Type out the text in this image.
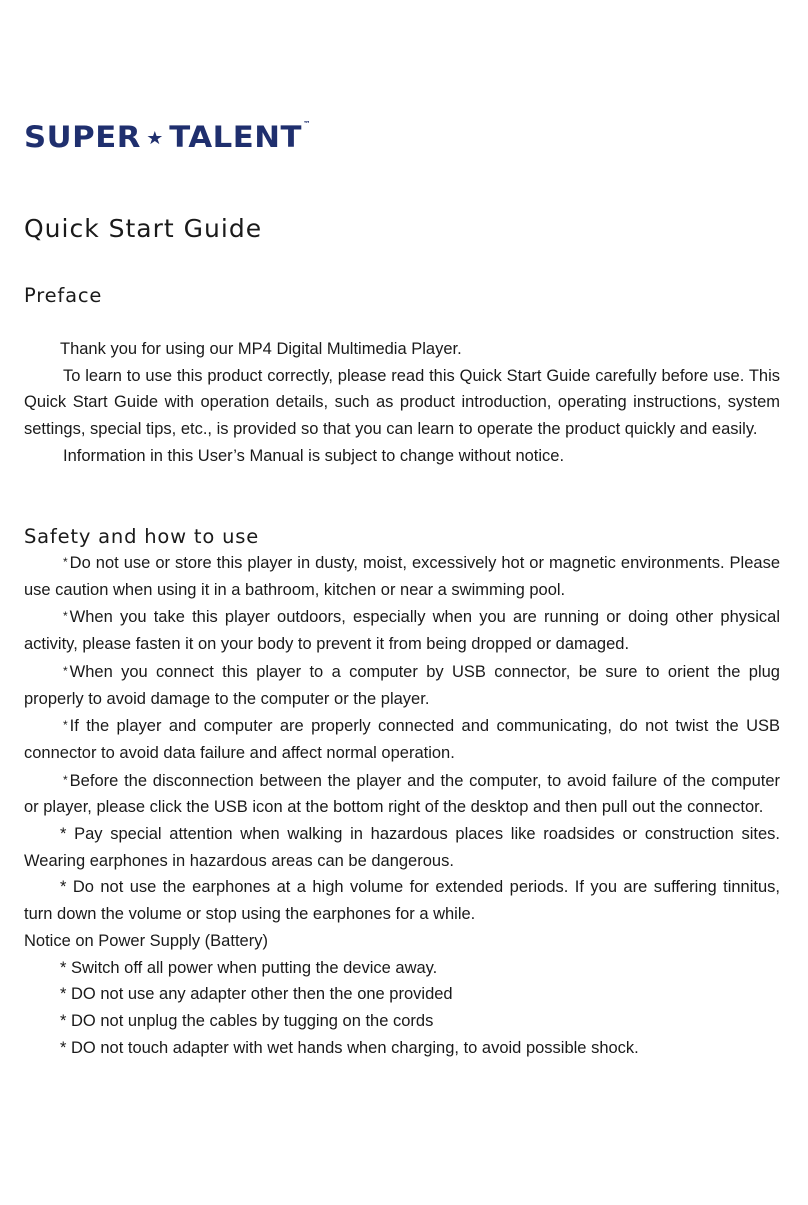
SUPER ★ TALENT ™
Quick Start Guide
Preface

Thank you for using our MP4 Digital Multimedia Player.

To learn to use this product correctly, please read this Quick Start Guide carefully before use. This Quick Start Guide with operation details, such as product introduction, operating instructions, system settings, special tips, etc., is provided so that you can learn to operate the product quickly and easily.

Information in this User’s Manual is subject to change without notice.

Safety and how to use

* Do not use or store this player in dusty, moist, excessively hot or magnetic environments. Please use caution when using it in a bathroom, kitchen or near a swimming pool.

* When you take this player outdoors, especially when you are running or doing other physical activity, please fasten it on your body to prevent it from being dropped or damaged.

* When you connect this player to a computer by USB connector, be sure to orient the plug properly to avoid damage to the computer or the player.

* If the player and computer are properly connected and communicating, do not twist the USB connector to avoid data failure and affect normal operation.

* Before the disconnection between the player and the computer, to avoid failure of the computer or player, please click the USB icon at the bottom right of the desktop and then pull out the connector.

* Pay special attention when walking in hazardous places like roadsides or construction sites. Wearing earphones in hazardous areas can be dangerous.

* Do not use the earphones at a high volume for extended periods. If you are suffering tinnitus, turn down the volume or stop using the earphones for a while.

Notice on Power Supply (Battery)

* Switch off all power when putting the device away.

* DO not use any adapter other then the one provided

* DO not unplug the cables by tugging on the cords

* DO not touch adapter with wet hands when charging, to avoid possible shock.
